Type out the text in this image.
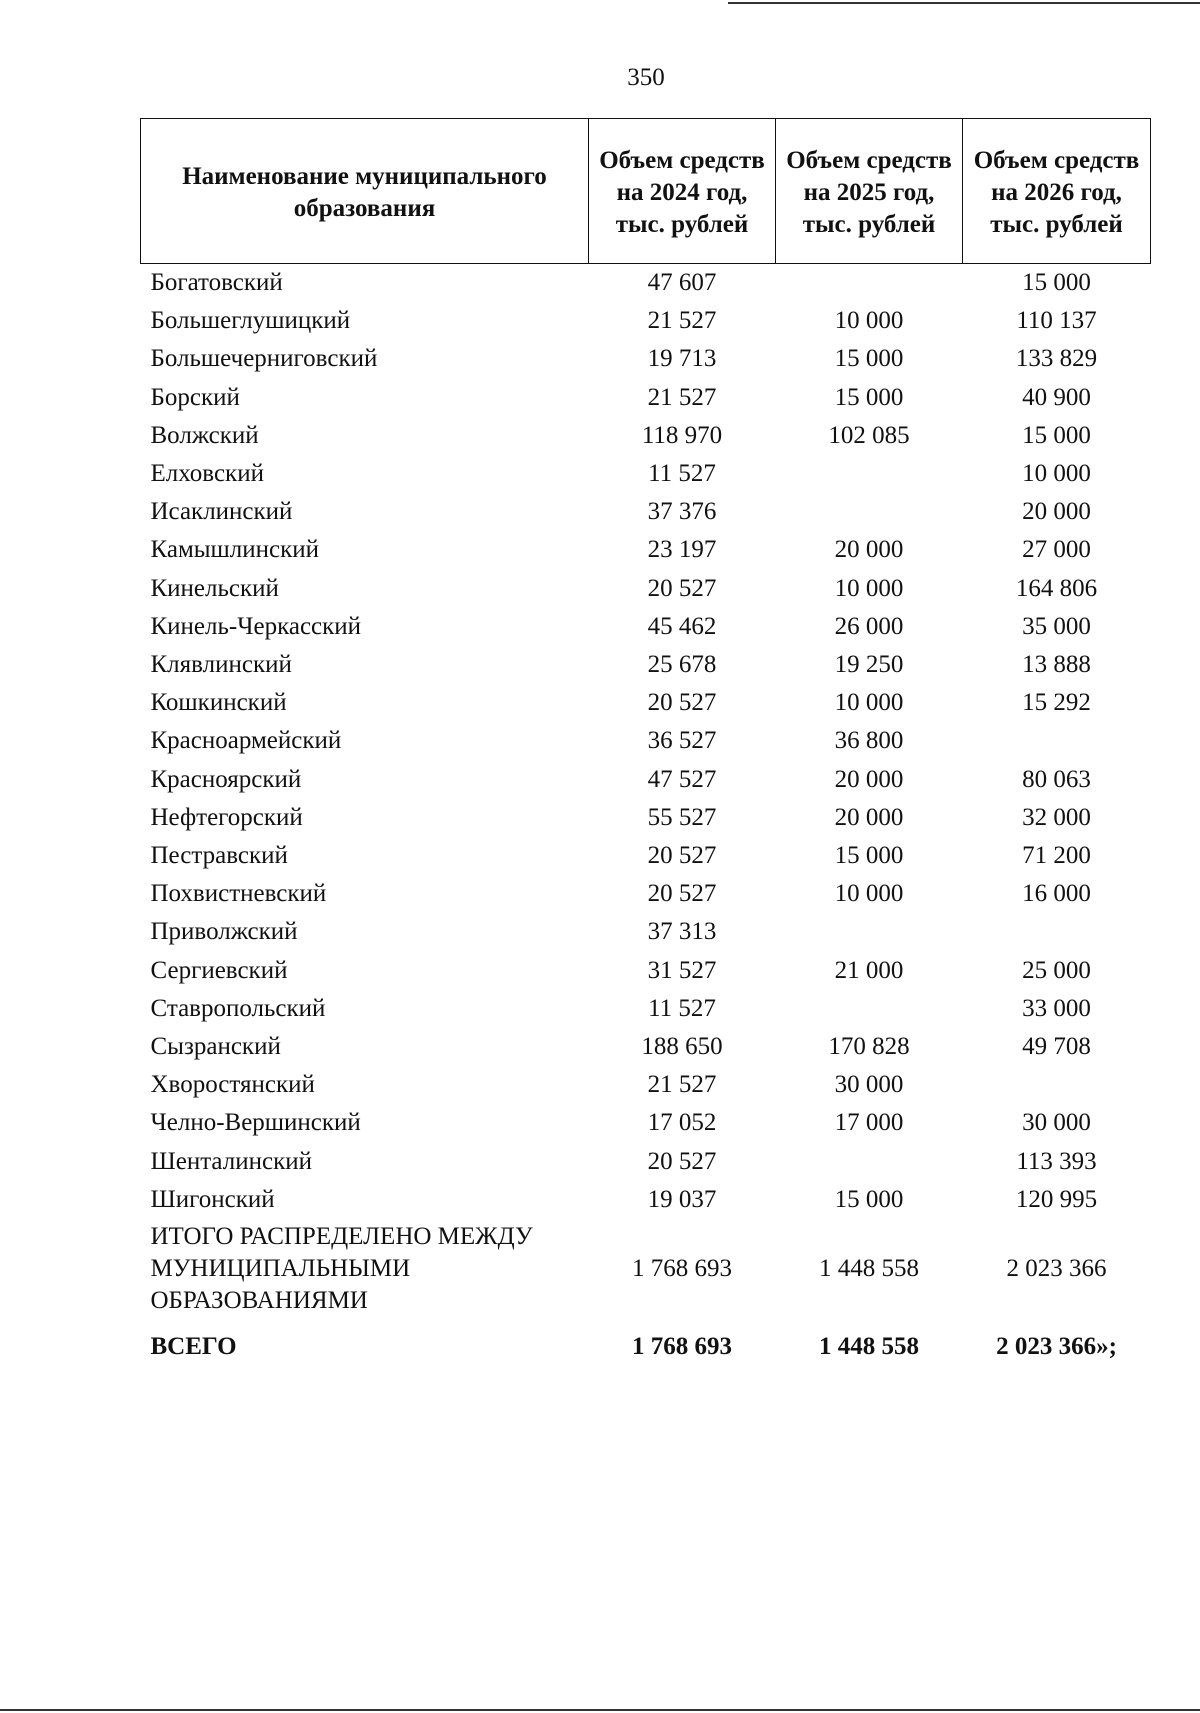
350
Наименование муниципального образования	Объем средств на 2024 год, тыс. рублей	Объем средств на 2025 год, тыс. рублей	Объем средств на 2026 год, тыс. рублей
Богатовский	47 607		15 000
Большеглушицкий	21 527	10 000	110 137
Большечерниговский	19 713	15 000	133 829
Борский	21 527	15 000	40 900
Волжский	118 970	102 085	15 000
Елховский	11 527		10 000
Исаклинский	37 376		20 000
Камышлинский	23 197	20 000	27 000
Кинельский	20 527	10 000	164 806
Кинель-Черкасский	45 462	26 000	35 000
Клявлинский	25 678	19 250	13 888
Кошкинский	20 527	10 000	15 292
Красноармейский	36 527	36 800	
Красноярский	47 527	20 000	80 063
Нефтегорский	55 527	20 000	32 000
Пестравский	20 527	15 000	71 200
Похвистневский	20 527	10 000	16 000
Приволжский	37 313		
Сергиевский	31 527	21 000	25 000
Ставропольский	11 527		33 000
Сызранский	188 650	170 828	49 708
Хворостянский	21 527	30 000	
Челно-Вершинский	17 052	17 000	30 000
Шенталинский	20 527		113 393
Шигонский	19 037	15 000	120 995
ИТОГО РАСПРЕДЕЛЕНО МЕЖДУ МУНИЦИПАЛЬНЫМИ ОБРАЗОВАНИЯМИ	1 768 693	1 448 558	2 023 366
ВСЕГО	1 768 693	1 448 558	2 023 366»;
